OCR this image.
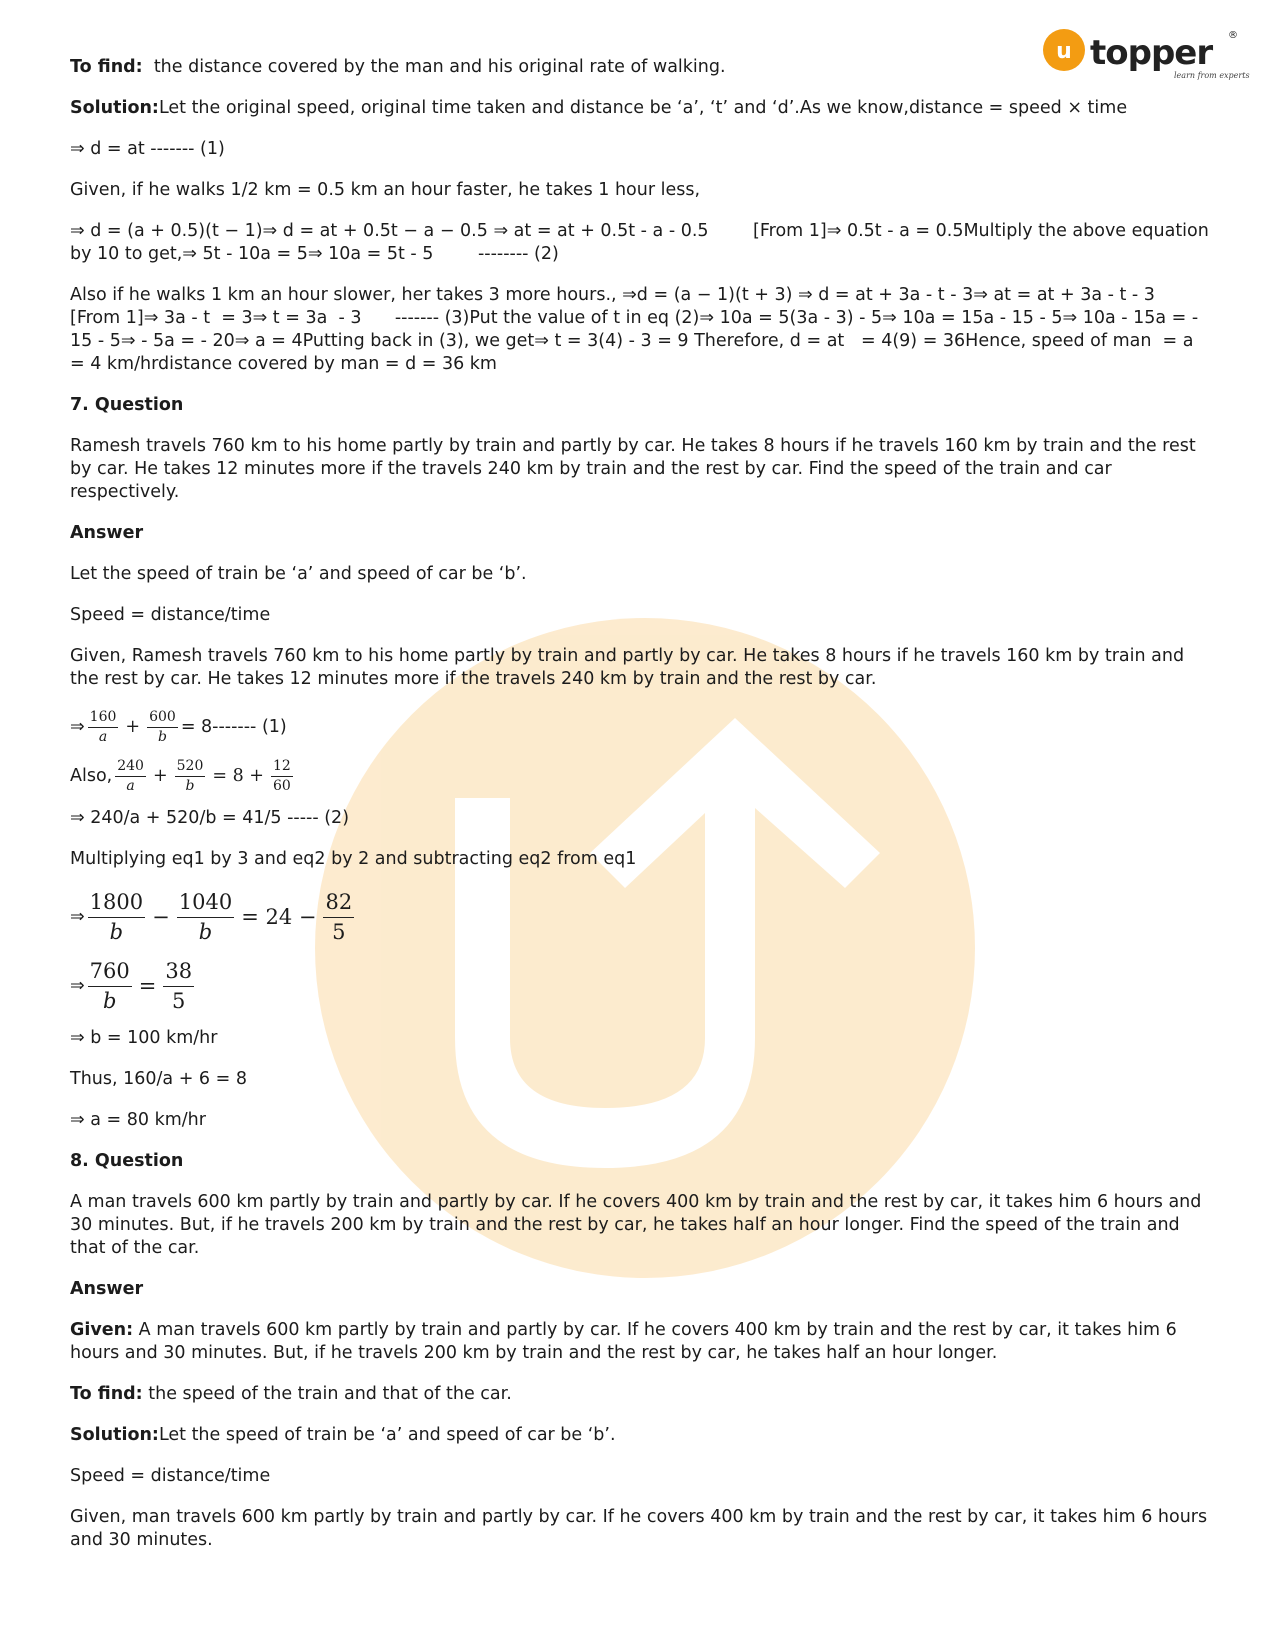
u topper
learn from experts
®

To find:  the distance covered by the man and his original rate of walking.

Solution:Let the original speed, original time taken and distance be ‘a’, ‘t’ and ‘d’.As we know,distance = speed × time

⇒ d = at ------- (1)

Given, if he walks 1/2 km = 0.5 km an hour faster, he takes 1 hour less,

⇒ d = (a + 0.5)(t − 1)⇒ d = at + 0.5t − a − 0.5 ⇒ at = at + 0.5t - a - 0.5        [From 1]⇒ 0.5t - a = 0.5Multiply the above equation by 10 to get,⇒ 5t - 10a = 5⇒ 10a = 5t - 5        -------- (2)

Also if he walks 1 km an hour slower, her takes 3 more hours., ⇒d = (a − 1)(t + 3) ⇒ d = at + 3a - t - 3⇒ at = at + 3a - t - 3         [From 1]⇒ 3a - t  = 3⇒ t = 3a  - 3      ------- (3)Put the value of t in eq (2)⇒ 10a = 5(3a - 3) - 5⇒ 10a = 15a - 15 - 5⇒ 10a - 15a = - 15 - 5⇒ - 5a = - 20⇒ a = 4Putting back in (3), we get⇒ t = 3(4) - 3 = 9 Therefore, d = at   = 4(9) = 36Hence, speed of man  = a = 4 km/hrdistance covered by man = d = 36 km

7. Question

Ramesh travels 760 km to his home partly by train and partly by car. He takes 8 hours if he travels 160 km by train and the rest by car. He takes 12 minutes more if the travels 240 km by train and the rest by car. Find the speed of the train and car respectively.

Answer

Let the speed of train be ‘a’ and speed of car be ‘b’.

Speed = distance/time

Given, Ramesh travels 760 km to his home partly by train and partly by car. He takes 8 hours if he travels 160 km by train and the rest by car. He takes 12 minutes more if the travels 240 km by train and the rest by car.

⇒ $\frac{160}{a} + \frac{600}{b} = 8-------$ (1)
Also, $\frac{240}{a} + \frac{520}{b} = 8 + \frac{12}{60}$

⇒ 240/a + 520/b = 41/5 ----- (2)

Multiplying eq1 by 3 and eq2 by 2 and subtracting eq2 from eq1

⇒ $\frac{1800}{b} - \frac{1040}{b} = 24 - \frac{82}{5}$
⇒ $\frac{760}{b} = \frac{38}{5}$

⇒ b = 100 km/hr

Thus, 160/a + 6 = 8

⇒ a = 80 km/hr

8. Question

A man travels 600 km partly by train and partly by car. If he covers 400 km by train and the rest by car, it takes him 6 hours and 30 minutes. But, if he travels 200 km by train and the rest by car, he takes half an hour longer. Find the speed of the train and that of the car.

Answer

Given: A man travels 600 km partly by train and partly by car. If he covers 400 km by train and the rest by car, it takes him 6 hours and 30 minutes. But, if he travels 200 km by train and the rest by car, he takes half an hour longer.

To find: the speed of the train and that of the car.

Solution:Let the speed of train be ‘a’ and speed of car be ‘b’.

Speed = distance/time

Given, man travels 600 km partly by train and partly by car. If he covers 400 km by train and the rest by car, it takes him 6 hours and 30 minutes.
